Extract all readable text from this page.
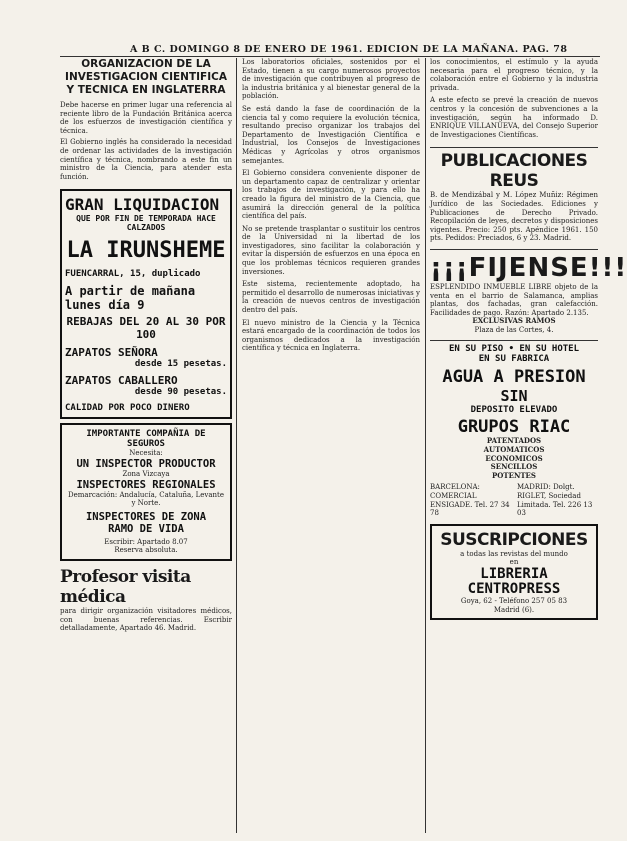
A B C. DOMINGO 8 DE ENERO DE 1961. EDICION DE LA MAÑANA. PAG. 78
ORGANIZACION DE LA INVESTIGACION CIENTIFICA Y TECNICA EN INGLATERRA
Debe hacerse en primer lugar una referencia al reciente libro de la Fundación Británica acerca de los esfuerzos de investigación científica y técnica.
El Gobierno inglés ha considerado la necesidad de ordenar las actividades de la investigación científica y técnica, nombrando a este fin un ministro de la Ciencia, para atender esta función.
GRAN LIQUIDACION
QUE POR FIN DE TEMPORADA HACE CALZADOS
LA IRUNSHEME
FUENCARRAL, 15, duplicado
A partir de mañana lunes día 9
REBAJAS DEL 20 AL 30 POR 100
ZAPATOS SEÑORA
desde 15 pesetas.
ZAPATOS CABALLERO
desde 90 pesetas.
CALIDAD POR POCO DINERO
IMPORTANTE COMPAÑIA DE SEGUROS
Necesita:
UN INSPECTOR PRODUCTOR
Zona Vizcaya
INSPECTORES REGIONALES
Demarcación: Andalucía, Cataluña, Levante y Norte.
INSPECTORES DE ZONA
RAMO DE VIDA
Escribir: Apartado 8.07
Reserva absoluta.
Profesor visita médica
para dirigir organización visitadores médicos, con buenas referencias. Escribir detalladamente, Apartado 46. Madrid.
Los laboratorios oficiales, sostenidos por el Estado, tienen a su cargo numerosos proyectos de investigación que contribuyen al progreso de la industria británica y al bienestar general de la población.
Se está dando la fase de coordinación de la ciencia tal y como requiere la evolución técnica, resultando preciso organizar los trabajos del Departamento de Investigación Científica e Industrial, los Consejos de Investigaciones Médicas y Agrícolas y otros organismos semejantes.
El Gobierno considera conveniente disponer de un departamento capaz de centralizar y orientar los trabajos de investigación, y para ello ha creado la figura del ministro de la Ciencia, que asumirá la dirección general de la política científica del país.
No se pretende trasplantar o sustituir los centros de la Universidad ni la libertad de los investigadores, sino facilitar la colaboración y evitar la dispersión de esfuerzos en una época en que los problemas técnicos requieren grandes inversiones.
Este sistema, recientemente adoptado, ha permitido el desarrollo de numerosas iniciativas y la creación de nuevos centros de investigación dentro del país.
El nuevo ministro de la Ciencia y la Técnica estará encargado de la coordinación de todos los organismos dedicados a la investigación científica y técnica en Inglaterra.
los conocimientos, el estímulo y la ayuda necesaria para el progreso técnico, y la colaboración entre el Gobierno y la industria privada.
A este efecto se prevé la creación de nuevos centros y la concesión de subvenciones a la investigación, según ha informado D. ENRIQUE VILLANUEVA, del Consejo Superior de Investigaciones Científicas.
PUBLICACIONES REUS
B. de Mendizábal y M. López Muñiz: Régimen Jurídico de las Sociedades. Ediciones y Publicaciones de Derecho Privado. Recopilación de leyes, decretos y disposiciones vigentes. Precio: 250 pts. Apéndice 1961. 150 pts. Pedidos: Preciados, 6 y 23. Madrid.
¡¡¡FIJENSE!!!
ESPLENDIDO INMUEBLE LIBRE objeto de la venta en el barrio de Salamanca, amplias plantas, dos fachadas, gran calefacción. Facilidades de pago. Razón: Apartado 2.135.
EXCLUSIVAS RAMOS
Plaza de las Cortes, 4.
EN SU PISO • EN SU HOTEL
EN SU FABRICA
AGUA A PRESION
SIN
DEPOSITO ELEVADO
GRUPOS RIAC
PATENTADOS
AUTOMATICOS
ECONOMICOS
SENCILLOS
POTENTES
BARCELONA: COMERCIAL ENSIGADE. Tel. 27 34 78
MADRID: Dolgt. RIGLET, Sociedad Limitada. Tel. 226 13 03
SUSCRIPCIONES
a todas las revistas del mundo
en
LIBRERIA CENTROPRESS
Goya, 62 - Teléfono 257 05 83
Madrid (6).
